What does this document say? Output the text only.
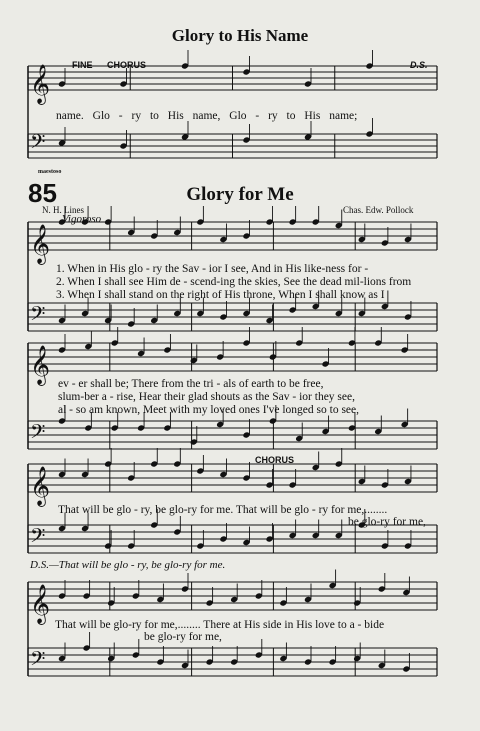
𝄞
𝄢
𝄞
𝄢
𝄞
𝄢
𝄞
𝄢
𝄞
𝄢
Glory to His Name
FINE CHORUS	D.S.
name. Glo - ry to His name, Glo - ry to His name;
maestoso
85	Glory for Me
N. H. Lines	Chas. Edw. Pollock
Vigoroso
1. When in His glo - ry the Sav - ior I see, And in His like-ness for -
2. When I shall see Him de - scend-ing the skies, See the dead mil-lions from
3. When I shall stand on the right of His throne, When I shall know as I
ev - er shall be; There from the tri - als of earth to be free,
slum-ber a - rise, Hear their glad shouts as the Sav - ior they see,
al - so am known, Meet with my loved ones I've longed so to see,
CHORUS
That will be glo - ry, be glo-ry for me. That will be glo - ry for me,........
be glo-ry for me,
D.S.—That will be glo - ry, be glo-ry for me.
That will be glo-ry for me,........ There at His side in His love to a - bide
be glo-ry for me,
